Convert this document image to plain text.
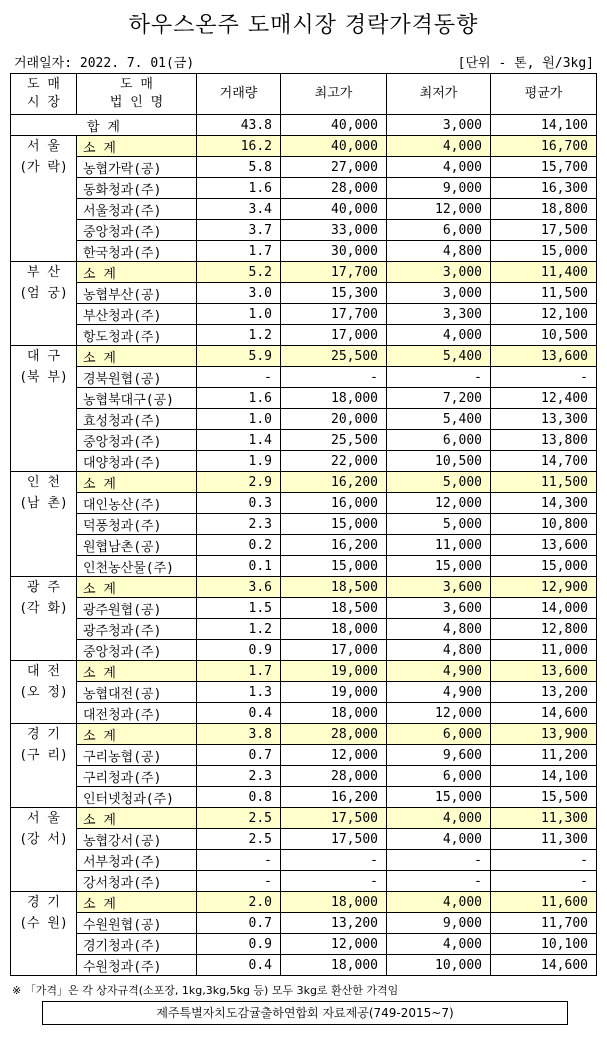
하우스온주 도매시장 경락가격동향
거래일자: 2022. 7. 01(금)	[단위 - 톤, 원/3kg]
도 매
시 장	도 매
법 인 명	거래량	최고가	최저가	평균가
합 계		43.8	40,000	3,000	14,100

서 울
(가 락)	소 계	16.2	40,000	4,000	16,700
	농협가락(공)	5.8	27,000	4,000	15,700
	동화청과(주)	1.6	28,000	9,000	16,300
	서울청과(주)	3.4	40,000	12,000	18,800
	중앙청과(주)	3.7	33,000	6,000	17,500
	한국청과(주)	1.7	30,000	4,800	15,000

부 산
(엄 궁)	소 계	5.2	17,700	3,000	11,400
	농협부산(공)	3.0	15,300	3,000	11,500
	부산청과(주)	1.0	17,700	3,300	12,100
	항도청과(주)	1.2	17,000	4,000	10,500

대 구
(북 부)	소 계	5.9	25,500	5,400	13,600
	경북원협(공)	-	-	-	-
	농협북대구(공)	1.6	18,000	7,200	12,400
	효성청과(주)	1.0	20,000	5,400	13,300
	중앙청과(주)	1.4	25,500	6,000	13,800
	대양청과(주)	1.9	22,000	10,500	14,700

인 천
(남 촌)	소 계	2.9	16,200	5,000	11,500
	대인농산(주)	0.3	16,000	12,000	14,300
	덕풍청과(주)	2.3	15,000	5,000	10,800
	원협남촌(공)	0.2	16,200	11,000	13,600
	인천농산물(주)	0.1	15,000	15,000	15,000

광 주
(각 화)	소 계	3.6	18,500	3,600	12,900
	광주원협(공)	1.5	18,500	3,600	14,000
	광주청과(주)	1.2	18,000	4,800	12,800
	중앙청과(주)	0.9	17,000	4,800	11,000

대 전
(오 정)	소 계	1.7	19,000	4,900	13,600
	농협대전(공)	1.3	19,000	4,900	13,200
	대전청과(주)	0.4	18,000	12,000	14,600

경 기
(구 리)	소 계	3.8	28,000	6,000	13,900
	구리농협(공)	0.7	12,000	9,600	11,200
	구리청과(주)	2.3	28,000	6,000	14,100
	인터넷청과(주)	0.8	16,200	15,000	15,500

서 울
(강 서)	소 계	2.5	17,500	4,000	11,300
	농협강서(공)	2.5	17,500	4,000	11,300
	서부청과(주)	-	-	-	-
	강서청과(주)	-	-	-	-

경 기
(수 원)	소 계	2.0	18,000	4,000	11,600
	수원원협(공)	0.7	13,200	9,000	11,700
	경기청과(주)	0.9	12,000	4,000	10,100
	수원청과(주)	0.4	18,000	10,000	14,600
※ 「가격」은 각 상자규격(소포장, 1kg,3kg,5kg 등) 모두 3kg로 환산한 가격임
제주특별자치도감귤출하연합회 자료제공(749-2015~7)
